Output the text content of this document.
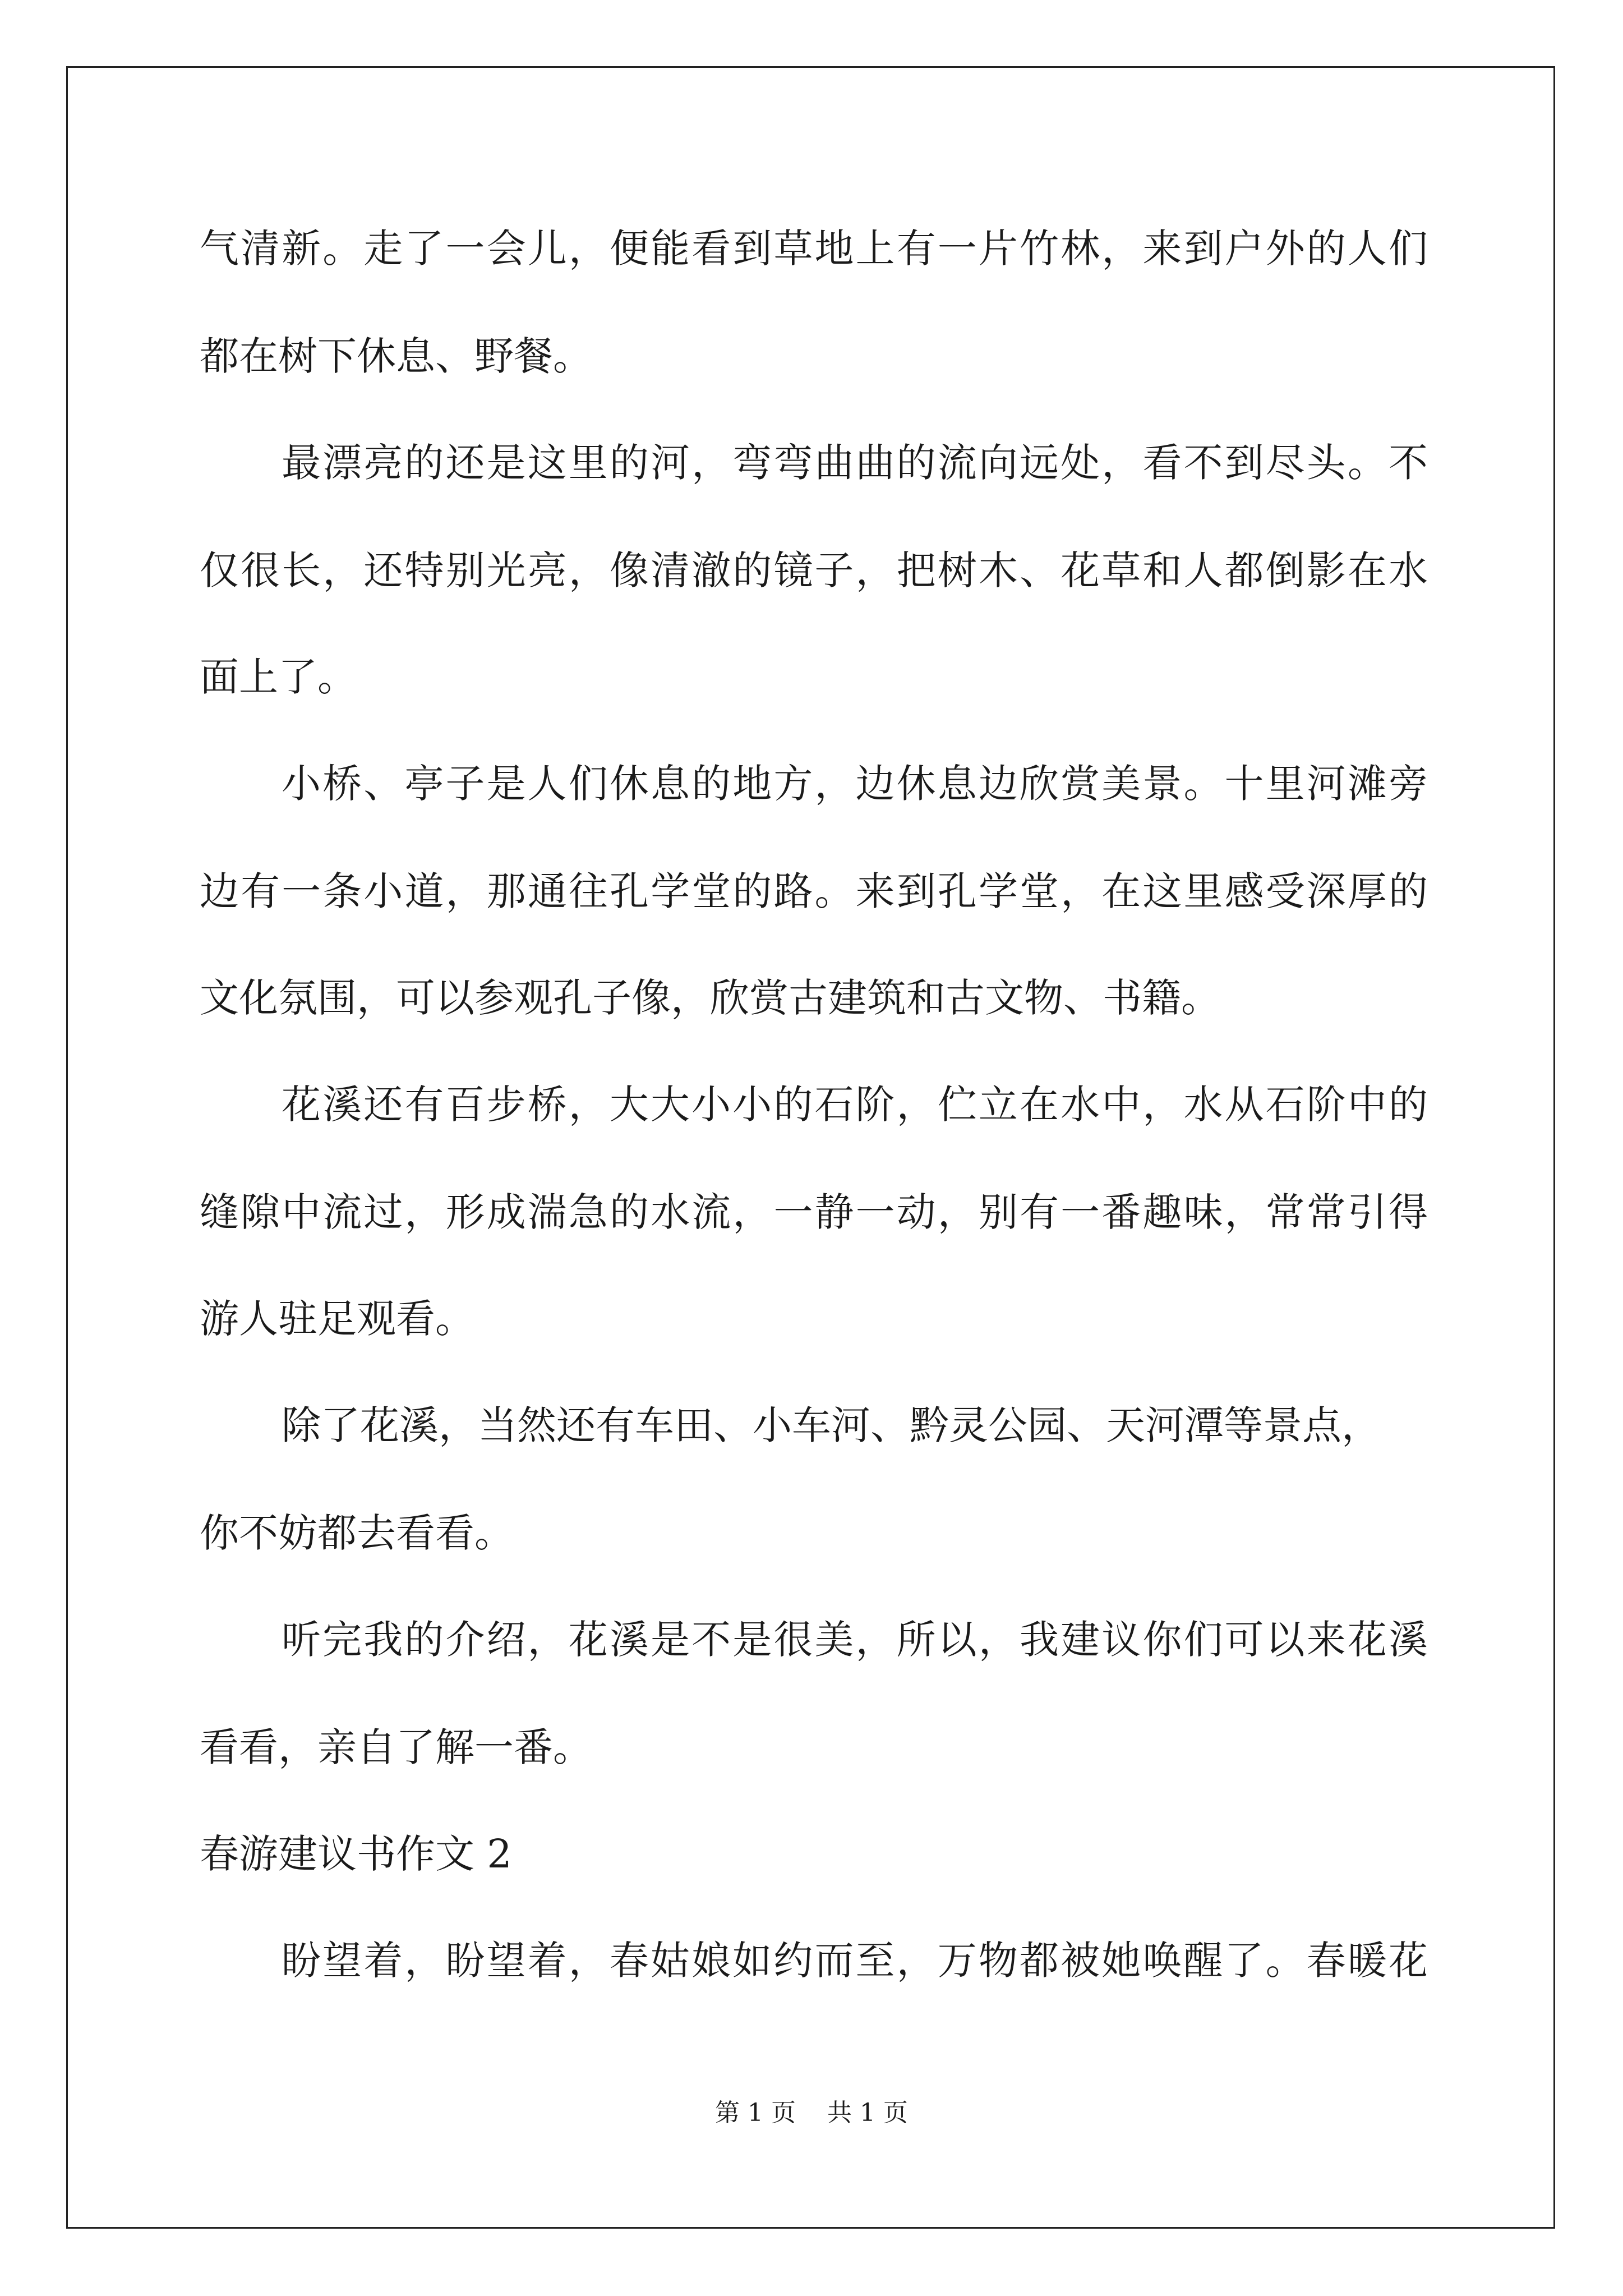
气清新。走了一会儿，便能看到草地上有一片竹林，来到户外的人们
都在树下休息、野餐。
最漂亮的还是这里的河，弯弯曲曲的流向远处，看不到尽头。不
仅很长，还特别光亮，像清澈的镜子，把树木、花草和人都倒影在水
面上了。
小桥、亭子是人们休息的地方，边休息边欣赏美景。十里河滩旁
边有一条小道，那通往孔学堂的路。来到孔学堂，在这里感受深厚的
文化氛围，可以参观孔子像，欣赏古建筑和古文物、书籍。
花溪还有百步桥，大大小小的石阶，伫立在水中，水从石阶中的
缝隙中流过，形成湍急的水流，一静一动，别有一番趣味，常常引得
游人驻足观看。
除了花溪，当然还有车田、小车河、黔灵公园、天河潭等景点，
你不妨都去看看。
听完我的介绍，花溪是不是很美，所以，我建议你们可以来花溪
看看，亲自了解一番。
春游建议书作文 2
盼望着，盼望着，春姑娘如约而至，万物都被她唤醒了。春暖花
第 1 页    共 1 页
